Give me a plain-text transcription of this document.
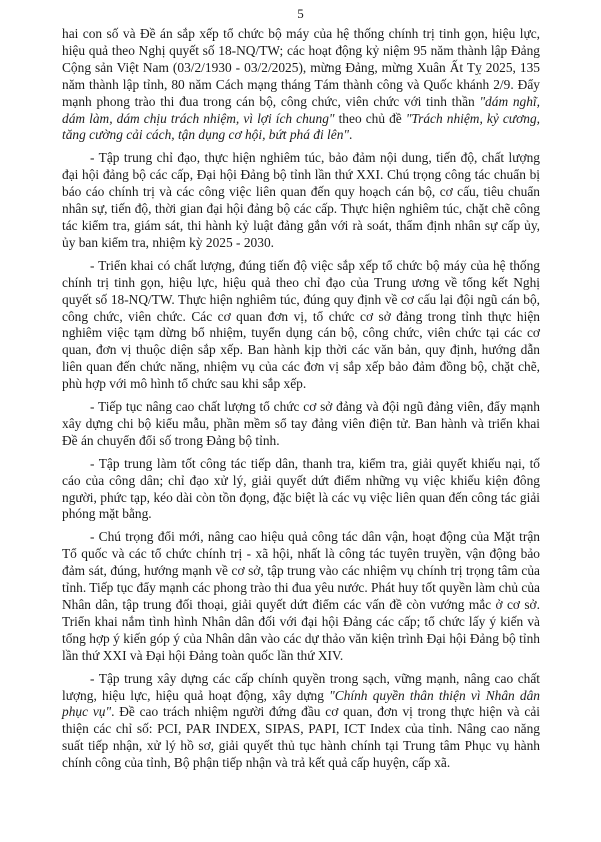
5

hai con số và Đề án sắp xếp tổ chức bộ máy của hệ thống chính trị tinh gọn, hiệu lực, hiệu quả theo Nghị quyết số 18-NQ/TW; các hoạt động kỷ niệm 95 năm thành lập Đảng Cộng sản Việt Nam (03/2/1930 - 03/2/2025), mừng Đảng, mừng Xuân Ất Tỵ 2025, 135 năm thành lập tỉnh, 80 năm Cách mạng tháng Tám thành công và Quốc khánh 2/9. Đẩy mạnh phong trào thi đua trong cán bộ, công chức, viên chức với tinh thần "dám nghĩ, dám làm, dám chịu trách nhiệm, vì lợi ích chung" theo chủ đề "Trách nhiệm, kỷ cương, tăng cường cải cách, tận dụng cơ hội, bứt phá đi lên".

- Tập trung chỉ đạo, thực hiện nghiêm túc, bảo đảm nội dung, tiến độ, chất lượng đại hội đảng bộ các cấp, Đại hội Đảng bộ tỉnh lần thứ XXI. Chú trọng công tác chuẩn bị báo cáo chính trị và các công việc liên quan đến quy hoạch cán bộ, cơ cấu, tiêu chuẩn nhân sự, tiến độ, thời gian đại hội đảng bộ các cấp. Thực hiện nghiêm túc, chặt chẽ công tác kiểm tra, giám sát, thi hành kỷ luật đảng gắn với rà soát, thẩm định nhân sự cấp ủy, ủy ban kiểm tra, nhiệm kỳ 2025 - 2030.

- Triển khai có chất lượng, đúng tiến độ việc sắp xếp tổ chức bộ máy của hệ thống chính trị tinh gọn, hiệu lực, hiệu quả theo chỉ đạo của Trung ương về tổng kết Nghị quyết số 18-NQ/TW. Thực hiện nghiêm túc, đúng quy định về cơ cấu lại đội ngũ cán bộ, công chức, viên chức. Các cơ quan đơn vị, tổ chức cơ sở đảng trong tỉnh thực hiện nghiêm việc tạm dừng bổ nhiệm, tuyển dụng cán bộ, công chức, viên chức tại các cơ quan, đơn vị thuộc diện sắp xếp. Ban hành kịp thời các văn bản, quy định, hướng dẫn liên quan đến chức năng, nhiệm vụ của các đơn vị sắp xếp bảo đảm đồng bộ, chặt chẽ, phù hợp với mô hình tổ chức sau khi sắp xếp.

- Tiếp tục nâng cao chất lượng tổ chức cơ sở đảng và đội ngũ đảng viên, đẩy mạnh xây dựng chi bộ kiểu mẫu, phần mềm sổ tay đảng viên điện tử. Ban hành và triển khai Đề án chuyển đổi số trong Đảng bộ tỉnh.

- Tập trung làm tốt công tác tiếp dân, thanh tra, kiểm tra, giải quyết khiếu nại, tố cáo của công dân; chỉ đạo xử lý, giải quyết dứt điểm những vụ việc khiếu kiện đông người, phức tạp, kéo dài còn tồn đọng, đặc biệt là các vụ việc liên quan đến công tác giải phóng mặt bằng.

- Chú trọng đổi mới, nâng cao hiệu quả công tác dân vận, hoạt động của Mặt trận Tổ quốc và các tổ chức chính trị - xã hội, nhất là công tác tuyên truyền, vận động bảo đảm sát, đúng, hướng mạnh về cơ sở, tập trung vào các nhiệm vụ chính trị trọng tâm của tỉnh. Tiếp tục đẩy mạnh các phong trào thi đua yêu nước. Phát huy tốt quyền làm chủ của Nhân dân, tập trung đối thoại, giải quyết dứt điểm các vấn đề còn vướng mắc ở cơ sở. Triển khai nắm tình hình Nhân dân đối với đại hội Đảng các cấp; tổ chức lấy ý kiến và tổng hợp ý kiến góp ý của Nhân dân vào các dự thảo văn kiện trình Đại hội Đảng bộ tỉnh lần thứ XXI và Đại hội Đảng toàn quốc lần thứ XIV.

- Tập trung xây dựng các cấp chính quyền trong sạch, vững mạnh, nâng cao chất lượng, hiệu lực, hiệu quả hoạt động, xây dựng "Chính quyền thân thiện vì Nhân dân phục vụ". Đề cao trách nhiệm người đứng đầu cơ quan, đơn vị trong thực hiện và cải thiện các chỉ số: PCI, PAR INDEX, SIPAS, PAPI, ICT Index của tỉnh. Nâng cao năng suất tiếp nhận, xử lý hồ sơ, giải quyết thủ tục hành chính tại Trung tâm Phục vụ hành chính công của tỉnh, Bộ phận tiếp nhận và trả kết quả cấp huyện, cấp xã.
